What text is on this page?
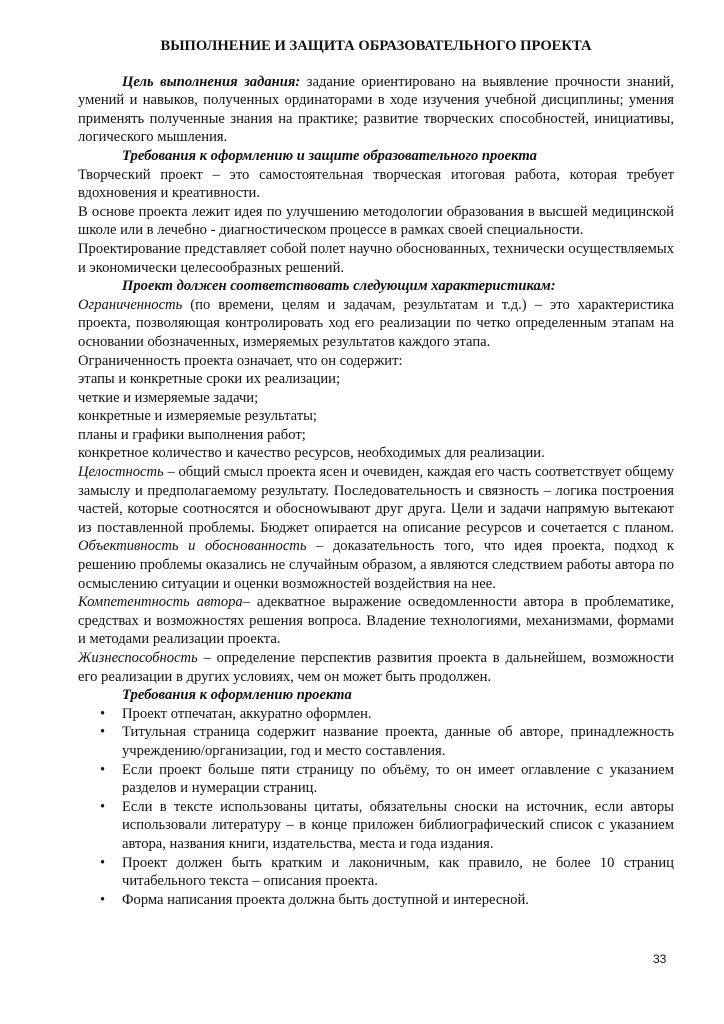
ВЫПОЛНЕНИЕ И ЗАЩИТА ОБРАЗОВАТЕЛЬНОГО ПРОЕКТА

Цель выполнения задания: задание ориентировано на выявление прочности знаний, умений и навыков, полученных ординаторами в ходе изучения учебной дисциплины; умения применять полученные знания на практике; развитие творческих способностей, инициативы, логического мышления.

Требования к оформлению и защите образовательного проекта

Творческий проект – это самостоятельная творческая итоговая работа, которая требует вдохновения и креативности.

В основе проекта лежит идея по улучшению методологии образования в высшей медицинской школе или в лечебно - диагностическом процессе в рамках своей специальности.

Проектирование представляет собой полет научно обоснованных, технически осуществляемых и экономически целесообразных решений.

Проект должен соответствовать следующим характеристикам:

Ограниченность (по времени, целям и задачам, результатам и т.д.) – это характеристика проекта, позволяющая контролировать ход его реализации по четко определенным этапам на основании обозначенных, измеряемых результатов каждого этапа.

Ограниченность проекта означает, что он содержит:

этапы и конкретные сроки их реализации;

четкие и измеряемые задачи;

конкретные и измеряемые результаты;

планы и графики выполнения работ;

конкретное количество и качество ресурсов, необходимых для реализации.

Целостность – общий смысл проекта ясен и очевиден, каждая его часть соответствует общему замыслу и предполагаемому результату. Последовательность и связность – логика построения частей, которые соотносятся и обоснowывают друг друга. Цели и задачи напрямую вытекают из поставленной проблемы. Бюджет опирается на описание ресурсов и сочетается с планом. Объективность и обоснованность – доказательность того, что идея проекта, подход к решению проблемы оказались не случайным образом, а являются следствием работы автора по осмыслению ситуации и оценки возможностей воздействия на нее.

Компетентность автора– адекватное выражение осведомленности автора в проблематике, средствах и возможностях решения вопроса. Владение технологиями, механизмами, формами и методами реализации проекта.

Жизнеспособность – определение перспектив развития проекта в дальнейшем, возможности его реализации в других условиях, чем он может быть продолжен.

Требования к оформлению проекта
• Проект отпечатан, аккуратно оформлен.
• Титульная страница содержит название проекта, данные об авторе, принадлежность учреждению/организации, год и место составления.
• Если проект больше пяти страницу по объёму, то он имеет оглавление с указанием разделов и нумерации страниц.
• Если в тексте использованы цитаты, обязательны сноски на источник, если авторы использовали литературу – в конце приложен библиографический список с указанием автора, названия книги, издательства, места и года издания.
• Проект должен быть кратким и лаконичным, как правило, не более 10 страниц читабельного текста – описания проекта.
• Форма написания проекта должна быть доступной и интересной.
33
